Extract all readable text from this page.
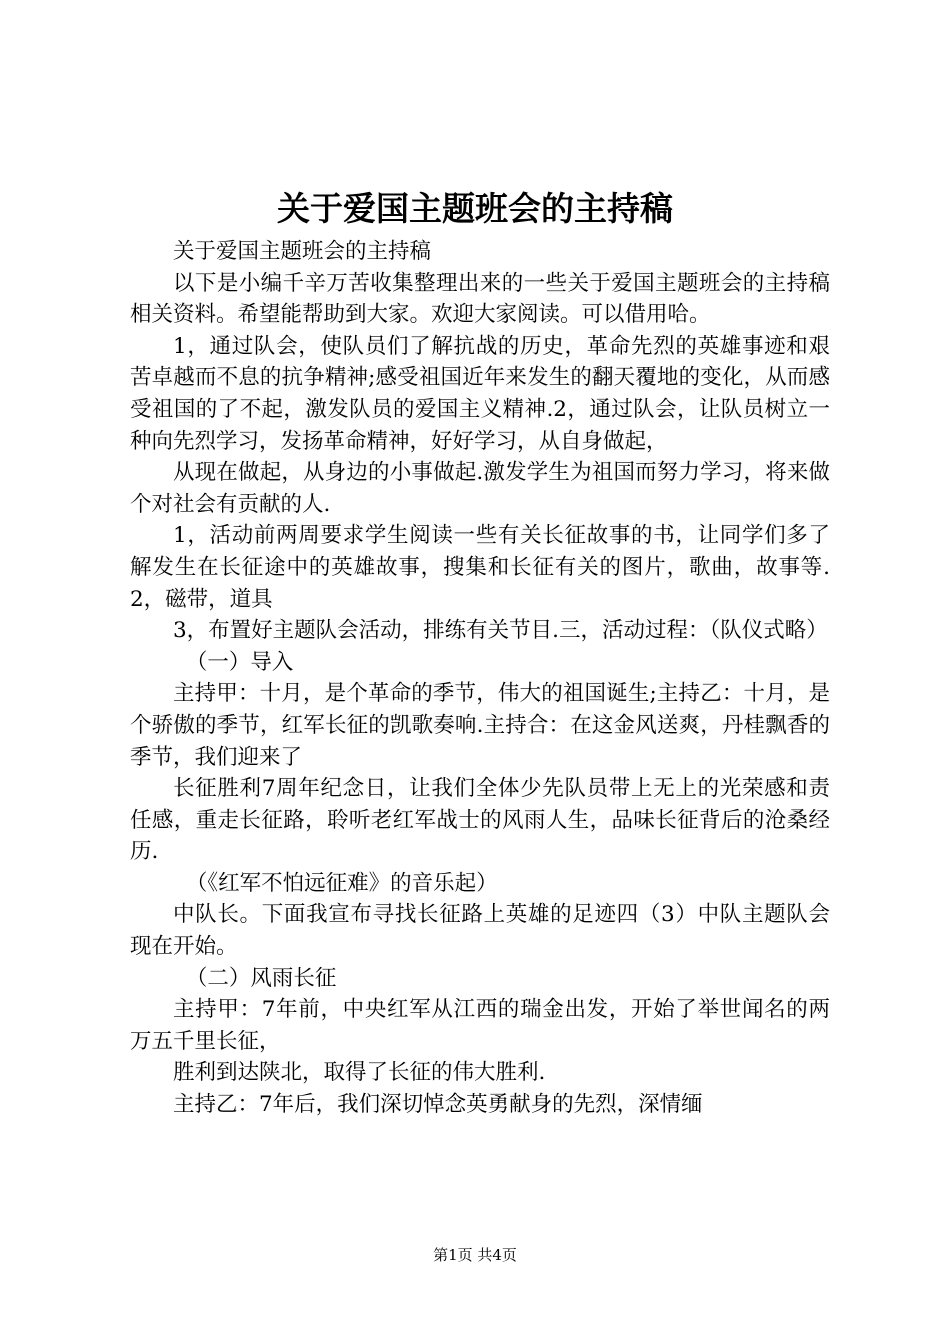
关于爱国主题班会的主持稿

关于爱国主题班会的主持稿

以下是小编千辛万苦收集整理出来的一些关于爱国主题班会的主持稿相关资料。希望能帮助到大家。欢迎大家阅读。可以借用哈。

1，通过队会，使队员们了解抗战的历史，革命先烈的英雄事迹和艰苦卓越而不息的抗争精神;感受祖国近年来发生的翻天覆地的变化，从而感受祖国的了不起，激发队员的爱国主义精神.2，通过队会，让队员树立一种向先烈学习，发扬革命精神，好好学习，从自身做起，

从现在做起，从身边的小事做起.激发学生为祖国而努力学习，将来做个对社会有贡献的人.

1，活动前两周要求学生阅读一些有关长征故事的书，让同学们多了解发生在长征途中的英雄故事，搜集和长征有关的图片，歌曲，故事等.2，磁带，道具

3，布置好主题队会活动，排练有关节目.三，活动过程：（队仪式略）

（一）导入

主持甲：十月，是个革命的季节，伟大的祖国诞生;主持乙：十月，是个骄傲的季节，红军长征的凯歌奏响.主持合：在这金风送爽，丹桂飘香的季节，我们迎来了

长征胜利7周年纪念日，让我们全体少先队员带上无上的光荣感和责任感，重走长征路，聆听老红军战士的风雨人生，品味长征背后的沧桑经历.

（《红军不怕远征难》的音乐起）

中队长。下面我宣布寻找长征路上英雄的足迹四（3）中队主题队会现在开始。

（二）风雨长征

主持甲：7年前，中央红军从江西的瑞金出发，开始了举世闻名的两万五千里长征，

胜利到达陕北，取得了长征的伟大胜利.

主持乙：7年后，我们深切悼念英勇献身的先烈，深情缅

第1页 共4页
